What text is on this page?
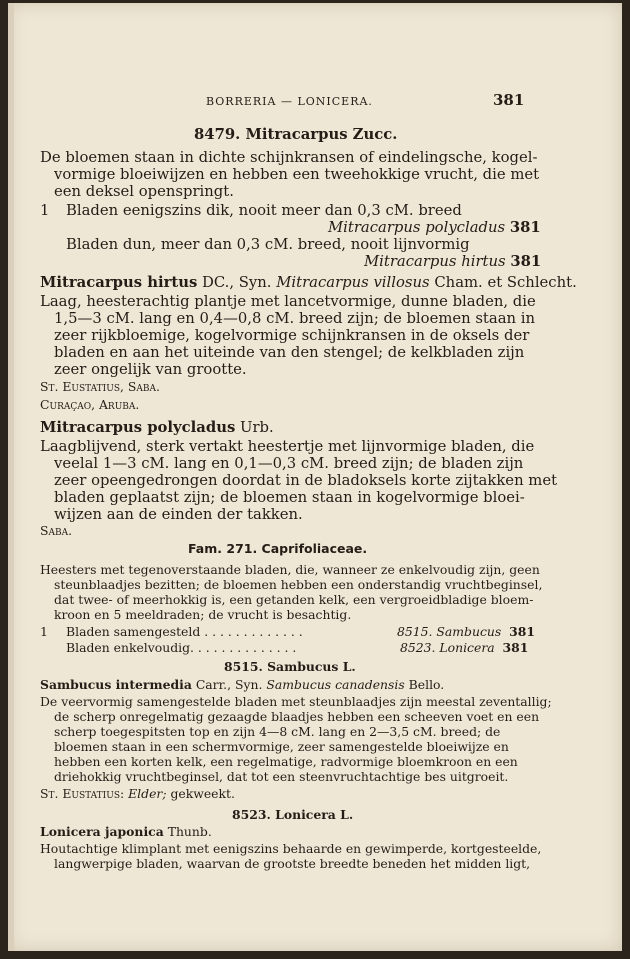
BORRERIA — LONICERA.	381
8479. Mitracarpus Zucc.
De bloemen staan in dichte schijnkransen of eindelingsche, kogel-
vormige bloeiwijzen en hebben een tweehokkige vrucht, die met
een deksel openspringt.
1 Bladen eenigszins dik, nooit meer dan 0,3 cM. breed
Mitracarpus polycladus 381
Bladen dun, meer dan 0,3 cM. breed, nooit lijnvormig
Mitracarpus hirtus 381
Mitracarpus hirtus DC., Syn. Mitracarpus villosus Cham. et Schlecht.
Laag, heesterachtig plantje met lancetvormige, dunne bladen, die
1,5—3 cM. lang en 0,4—0,8 cM. breed zijn; de bloemen staan in
zeer rijkbloemige, kogelvormige schijnkransen in de oksels der
bladen en aan het uiteinde van den stengel; de kelkbladen zijn
zeer ongelijk van grootte.
St. Eustatius, Saba.
Curaçao, Aruba.
Mitracarpus polycladus Urb.
Laagblijvend, sterk vertakt heestertje met lijnvormige bladen, die
veelal 1—3 cM. lang en 0,1—0,3 cM. breed zijn; de bladen zijn
zeer opeengedrongen doordat in de bladoksels korte zijtakken met
bladen geplaatst zijn; de bloemen staan in kogelvormige bloei-
wijzen aan de einden der takken.
Saba.
Fam. 271. Caprifoliaceae.
Heesters met tegenoverstaande bladen, die, wanneer ze enkelvoudig zijn, geen
steunblaadjes bezitten; de bloemen hebben een onderstandig vruchtbeginsel,
dat twee- of meerhokkig is, een getanden kelk, een vergroeidbladige bloem-
kroon en 5 meeldraden; de vrucht is besachtig.
1 Bladen samengesteld . . . . . . . . . . . . .	8515. Sambucus 381
Bladen enkelvoudig. . . . . . . . . . . . . .	8523. Lonicera 381
8515. Sambucus L.
Sambucus intermedia Carr., Syn. Sambucus canadensis Bello.
De veervormig samengestelde bladen met steunblaadjes zijn meestal zeventallig;
de scherp onregelmatig gezaagde blaadjes hebben een scheeven voet en een
scherp toegespitsten top en zijn 4—8 cM. lang en 2—3,5 cM. breed; de
bloemen staan in een schermvormige, zeer samengestelde bloeiwijze en
hebben een korten kelk, een regelmatige, radvormige bloemkroon en een
driehokkig vruchtbeginsel, dat tot een steenvruchtachtige bes uitgroeit.
St. Eustatius: Elder; gekweekt.
8523. Lonicera L.
Lonicera japonica Thunb.
Houtachtige klimplant met eenigszins behaarde en gewimperde, kortgesteelde,
langwerpige bladen, waarvan de grootste breedte beneden het midden ligt,
